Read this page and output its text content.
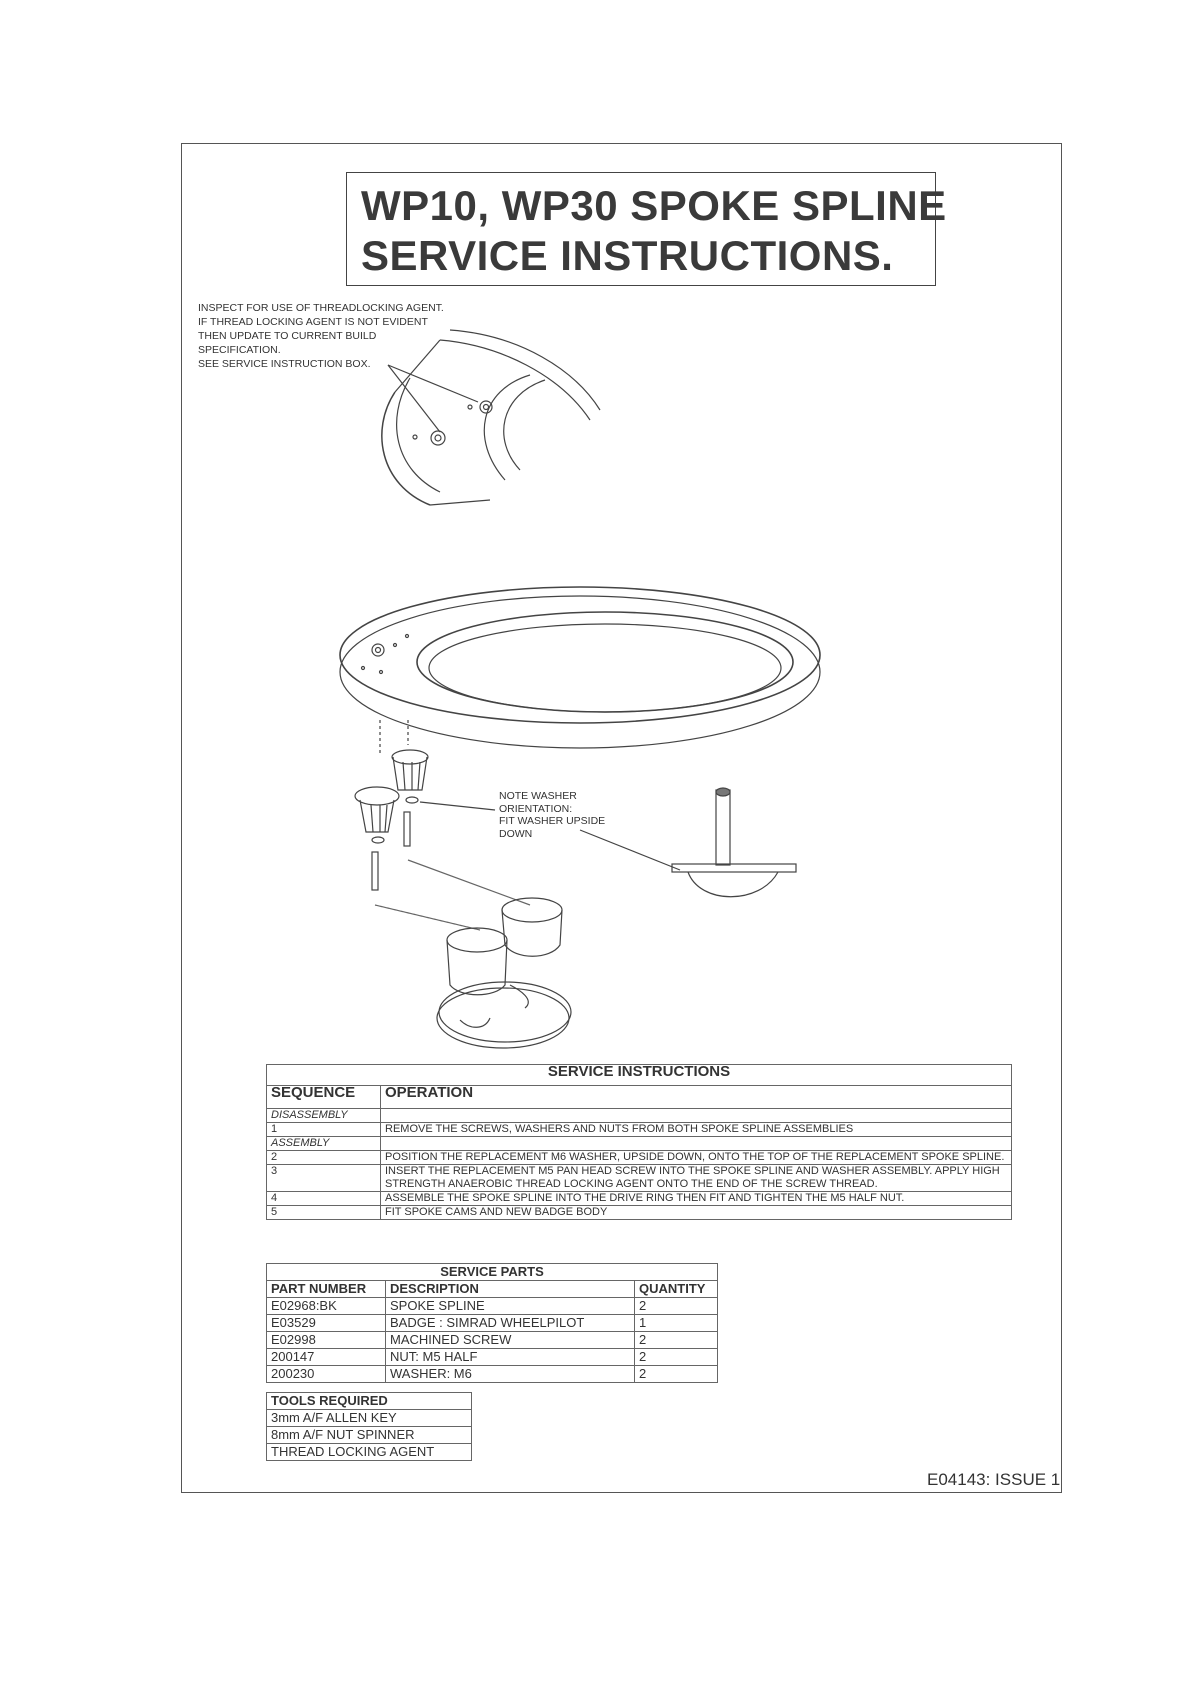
WP10, WP30 SPOKE SPLINE
SERVICE INSTRUCTIONS.
INSPECT FOR USE OF THREADLOCKING AGENT.
IF THREAD LOCKING AGENT IS NOT EVIDENT
THEN UPDATE TO CURRENT BUILD
SPECIFICATION.
SEE SERVICE INSTRUCTION BOX.
NOTE WASHER
ORIENTATION:
FIT WASHER UPSIDE
DOWN
SERVICE INSTRUCTIONS	
SEQUENCE	OPERATION
DISASSEMBLY	
1	REMOVE THE SCREWS, WASHERS AND NUTS FROM BOTH SPOKE SPLINE ASSEMBLIES
ASSEMBLY	
2	POSITION THE REPLACEMENT M6 WASHER, UPSIDE DOWN, ONTO THE TOP OF THE REPLACEMENT SPOKE SPLINE.
3	INSERT THE REPLACEMENT M5 PAN HEAD SCREW INTO THE SPOKE SPLINE AND WASHER ASSEMBLY. APPLY HIGH STRENGTH ANAEROBIC THREAD LOCKING AGENT ONTO THE END OF THE SCREW THREAD.
4	ASSEMBLE THE SPOKE SPLINE INTO THE DRIVE RING THEN FIT AND TIGHTEN THE M5 HALF NUT.
5	FIT SPOKE CAMS AND NEW BADGE BODY
SERVICE PARTS		
PART NUMBER	DESCRIPTION	QUANTITY
E02968:BK	SPOKE SPLINE	2
E03529	BADGE : SIMRAD WHEELPILOT	1
E02998	MACHINED SCREW	2
200147	NUT: M5 HALF	2
200230	WASHER: M6	2
TOOLS REQUIRED
3mm A/F ALLEN KEY
8mm A/F NUT SPINNER
THREAD LOCKING AGENT
E04143: ISSUE 1
